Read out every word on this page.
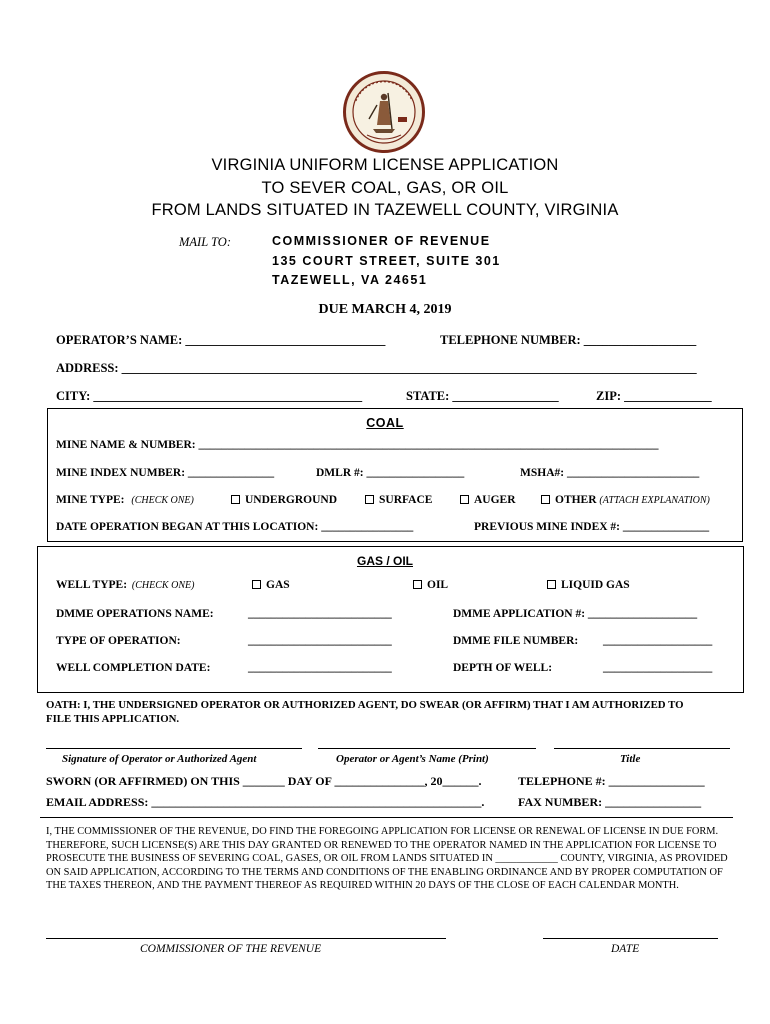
VIRGINIA UNIFORM LICENSE APPLICATION
TO SEVER COAL, GAS, OR OIL
FROM LANDS SITUATED IN TAZEWELL COUNTY, VIRGINIA
MAIL TO:	COMMISSIONER OF REVENUE
135 COURT STREET, SUITE 301
TAZEWELL, VA 24651
DUE MARCH 4, 2019
OPERATOR’S NAME: ________________________________	TELEPHONE NUMBER: __________________
ADDRESS: ____________________________________________________________________________________________
CITY: ___________________________________________	STATE: _________________	ZIP: ______________
COAL
MINE NAME & NUMBER: ________________________________________________________________________________
MINE INDEX NUMBER: _______________	DMLR #: _________________	MSHA#: _______________________
MINE TYPE: (CHECK ONE)	UNDERGROUND	SURFACE	AUGER	OTHER (ATTACH EXPLANATION)
DATE OPERATION BEGAN AT THIS LOCATION: ________________	PREVIOUS MINE INDEX #: _______________
GAS / OIL
WELL TYPE: (CHECK ONE)	GAS	OIL	LIQUID GAS
DMME OPERATIONS NAME:	_________________________	DMME APPLICATION #: ___________________
TYPE OF OPERATION:	_________________________	DMME FILE NUMBER: ___________________
WELL COMPLETION DATE:	_________________________	DEPTH OF WELL:	___________________
OATH: I, THE UNDERSIGNED OPERATOR OR AUTHORIZED AGENT, DO SWEAR (OR AFFIRM) THAT I AM AUTHORIZED TO
FILE THIS APPLICATION.
Signature of Operator or Authorized Agent	Operator or Agent’s Name (Print)	Title
SWORN (OR AFFIRMED) ON THIS _______ DAY OF _______________, 20______.	TELEPHONE #: ________________
EMAIL ADDRESS: _______________________________________________________.	FAX NUMBER: ________________
I, THE COMMISSIONER OF THE REVENUE, DO FIND THE FOREGOING APPLICATION FOR LICENSE OR RENEWAL OF LICENSE IN DUE FORM. THEREFORE, SUCH LICENSE(S) ARE THIS DAY GRANTED OR RENEWED TO THE OPERATOR NAMED IN THE APPLICATION FOR LICENSE TO PROSECUTE THE BUSINESS OF SEVERING COAL, GASES, OR OIL FROM LANDS SITUATED IN ____________ COUNTY, VIRGINIA, AS PROVIDED ON SAID APPLICATION, ACCORDING TO THE TERMS AND CONDITIONS OF THE ENABLING ORDINANCE AND BY PROPER COMPUTATION OF THE TAXES THEREON, AND THE PAYMENT THEREOF AS REQUIRED WITHIN 20 DAYS OF THE CLOSE OF EACH CALENDAR MONTH.
COMMISSIONER OF THE REVENUE	DATE
